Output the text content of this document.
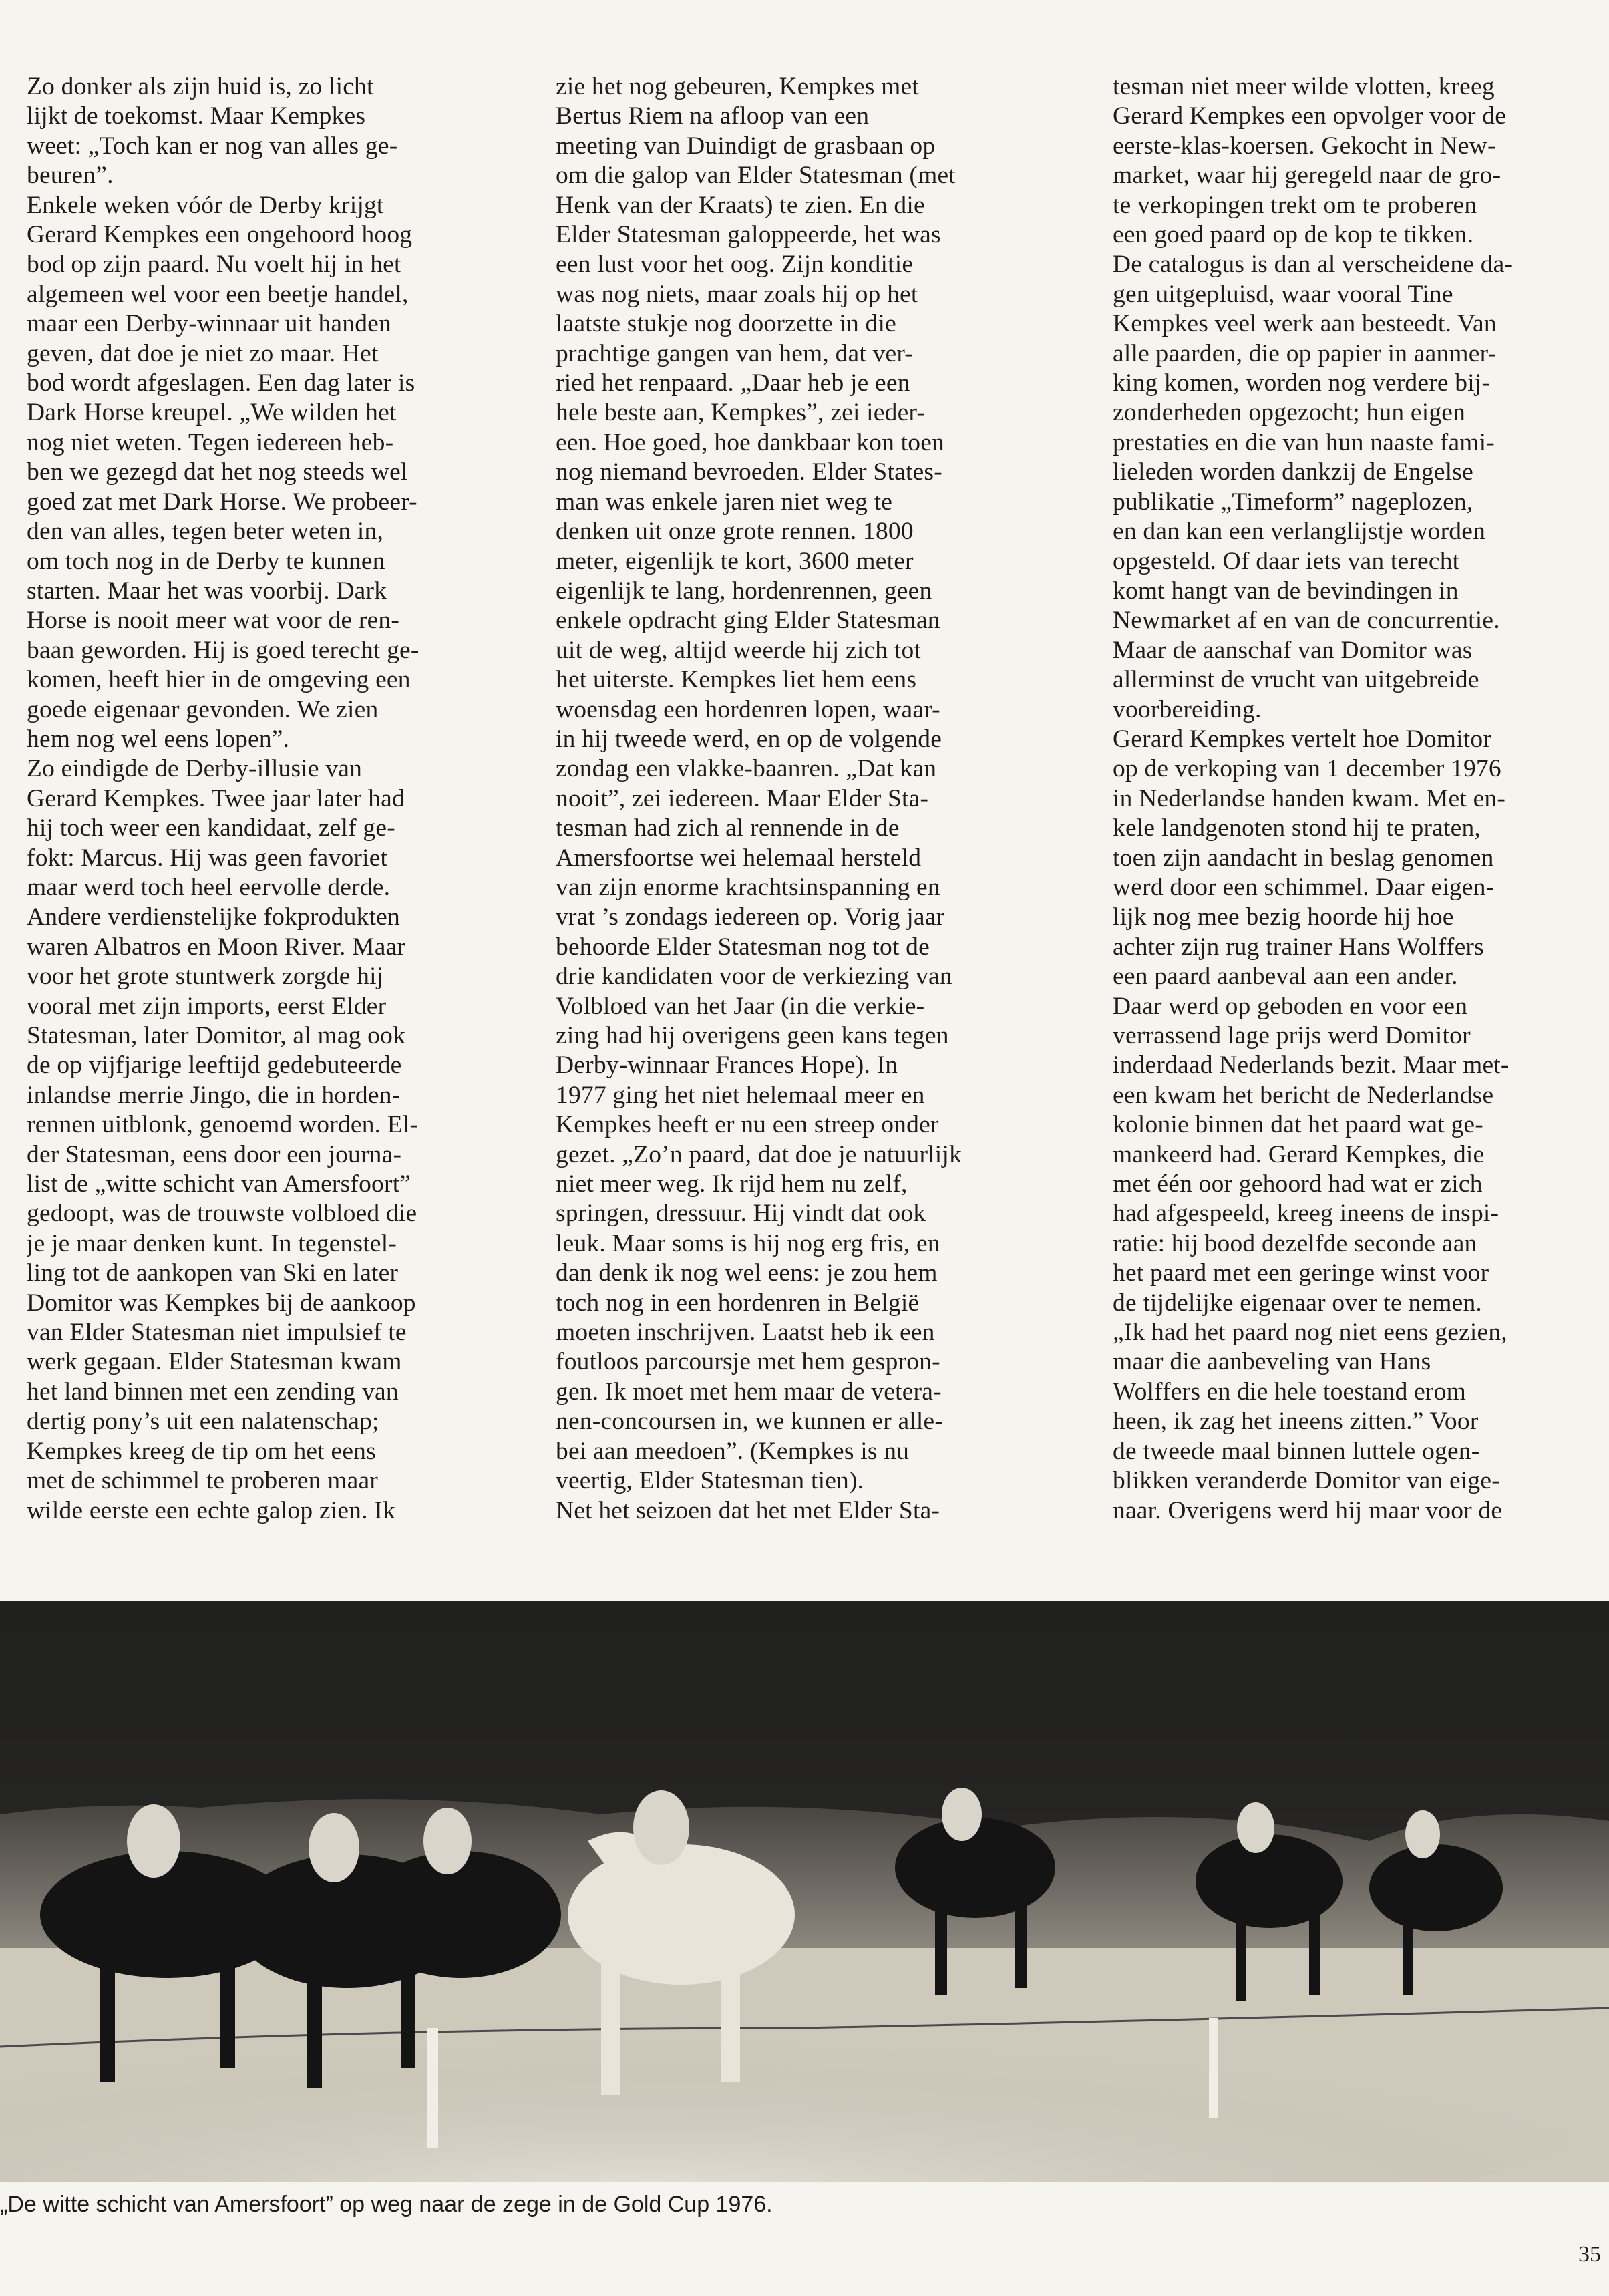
Zo donker als zijn huid is, zo licht
lijkt de toekomst. Maar Kempkes
weet: „Toch kan er nog van alles ge-
beuren”.
Enkele weken vóór de Derby krijgt
Gerard Kempkes een ongehoord hoog
bod op zijn paard. Nu voelt hij in het
algemeen wel voor een beetje handel,
maar een Derby-winnaar uit handen
geven, dat doe je niet zo maar. Het
bod wordt afgeslagen. Een dag later is
Dark Horse kreupel. „We wilden het
nog niet weten. Tegen iedereen heb-
ben we gezegd dat het nog steeds wel
goed zat met Dark Horse. We probeer-
den van alles, tegen beter weten in,
om toch nog in de Derby te kunnen
starten. Maar het was voorbij. Dark
Horse is nooit meer wat voor de ren-
baan geworden. Hij is goed terecht ge-
komen, heeft hier in de omgeving een
goede eigenaar gevonden. We zien
hem nog wel eens lopen”.
Zo eindigde de Derby-illusie van
Gerard Kempkes. Twee jaar later had
hij toch weer een kandidaat, zelf ge-
fokt: Marcus. Hij was geen favoriet
maar werd toch heel eervolle derde.
Andere verdienstelijke fokprodukten
waren Albatros en Moon River. Maar
voor het grote stuntwerk zorgde hij
vooral met zijn imports, eerst Elder
Statesman, later Domitor, al mag ook
de op vijfjarige leeftijd gedebuteerde
inlandse merrie Jingo, die in horden-
rennen uitblonk, genoemd worden. El-
der Statesman, eens door een journa-
list de „witte schicht van Amersfoort”
gedoopt, was de trouwste volbloed die
je je maar denken kunt. In tegenstel-
ling tot de aankopen van Ski en later
Domitor was Kempkes bij de aankoop
van Elder Statesman niet impulsief te
werk gegaan. Elder Statesman kwam
het land binnen met een zending van
dertig pony’s uit een nalatenschap;
Kempkes kreeg de tip om het eens
met de schimmel te proberen maar
wilde eerste een echte galop zien. Ik
zie het nog gebeuren, Kempkes met
Bertus Riem na afloop van een
meeting van Duindigt de grasbaan op
om die galop van Elder Statesman (met
Henk van der Kraats) te zien. En die
Elder Statesman galoppeerde, het was
een lust voor het oog. Zijn konditie
was nog niets, maar zoals hij op het
laatste stukje nog doorzette in die
prachtige gangen van hem, dat ver-
ried het renpaard. „Daar heb je een
hele beste aan, Kempkes”, zei ieder-
een. Hoe goed, hoe dankbaar kon toen
nog niemand bevroeden. Elder States-
man was enkele jaren niet weg te
denken uit onze grote rennen. 1800
meter, eigenlijk te kort, 3600 meter
eigenlijk te lang, hordenrennen, geen
enkele opdracht ging Elder Statesman
uit de weg, altijd weerde hij zich tot
het uiterste. Kempkes liet hem eens
woensdag een hordenren lopen, waar-
in hij tweede werd, en op de volgende
zondag een vlakke-baanren. „Dat kan
nooit”, zei iedereen. Maar Elder Sta-
tesman had zich al rennende in de
Amersfoortse wei helemaal hersteld
van zijn enorme krachtsinspanning en
vrat ’s zondags iedereen op. Vorig jaar
behoorde Elder Statesman nog tot de
drie kandidaten voor de verkiezing van
Volbloed van het Jaar (in die verkie-
zing had hij overigens geen kans tegen
Derby-winnaar Frances Hope). In
1977 ging het niet helemaal meer en
Kempkes heeft er nu een streep onder
gezet. „Zo’n paard, dat doe je natuurlijk
niet meer weg. Ik rijd hem nu zelf,
springen, dressuur. Hij vindt dat ook
leuk. Maar soms is hij nog erg fris, en
dan denk ik nog wel eens: je zou hem
toch nog in een hordenren in België
moeten inschrijven. Laatst heb ik een
foutloos parcoursje met hem gespron-
gen. Ik moet met hem maar de vetera-
nen-concoursen in, we kunnen er alle-
bei aan meedoen”. (Kempkes is nu
veertig, Elder Statesman tien).
Net het seizoen dat het met Elder Sta-
tesman niet meer wilde vlotten, kreeg
Gerard Kempkes een opvolger voor de
eerste-klas-koersen. Gekocht in New-
market, waar hij geregeld naar de gro-
te verkopingen trekt om te proberen
een goed paard op de kop te tikken.
De catalogus is dan al verscheidene da-
gen uitgepluisd, waar vooral Tine
Kempkes veel werk aan besteedt. Van
alle paarden, die op papier in aanmer-
king komen, worden nog verdere bij-
zonderheden opgezocht; hun eigen
prestaties en die van hun naaste fami-
lieleden worden dankzij de Engelse
publikatie „Timeform” nageplozen,
en dan kan een verlanglijstje worden
opgesteld. Of daar iets van terecht
komt hangt van de bevindingen in
Newmarket af en van de concurrentie.
Maar de aanschaf van Domitor was
allerminst de vrucht van uitgebreide
voorbereiding.
Gerard Kempkes vertelt hoe Domitor
op de verkoping van 1 december 1976
in Nederlandse handen kwam. Met en-
kele landgenoten stond hij te praten,
toen zijn aandacht in beslag genomen
werd door een schimmel. Daar eigen-
lijk nog mee bezig hoorde hij hoe
achter zijn rug trainer Hans Wolffers
een paard aanbeval aan een ander.
Daar werd op geboden en voor een
verrassend lage prijs werd Domitor
inderdaad Nederlands bezit. Maar met-
een kwam het bericht de Nederlandse
kolonie binnen dat het paard wat ge-
mankeerd had. Gerard Kempkes, die
met één oor gehoord had wat er zich
had afgespeeld, kreeg ineens de inspi-
ratie: hij bood dezelfde seconde aan
het paard met een geringe winst voor
de tijdelijke eigenaar over te nemen.
„Ik had het paard nog niet eens gezien,
maar die aanbeveling van Hans
Wolffers en die hele toestand erom
heen, ik zag het ineens zitten.” Voor
de tweede maal binnen luttele ogen-
blikken veranderde Domitor van eige-
naar. Overigens werd hij maar voor de
„De witte schicht van Amersfoort” op weg naar de zege in de Gold Cup 1976.
35
